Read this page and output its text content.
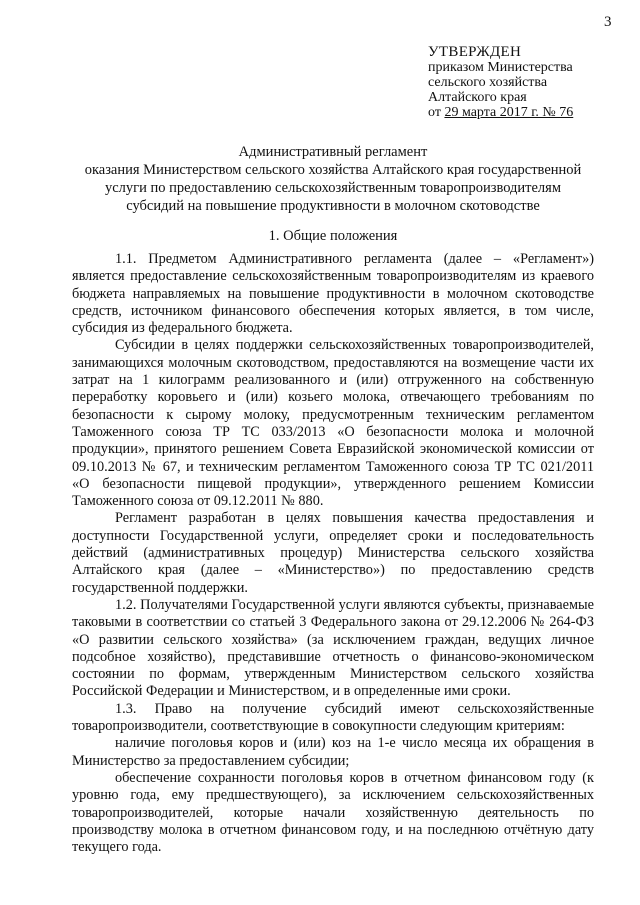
3
УТВЕРЖДЕН
приказом Министерства
сельского хозяйства
Алтайского края
от 29 марта 2017 г. № 76
Административный регламент
оказания Министерством сельского хозяйства Алтайского края государственной
услуги по предоставлению сельскохозяйственным товаропроизводителям
субсидий на повышение продуктивности в молочном скотоводстве
1. Общие положения

1.1. Предметом Административного регламента (далее – «Регламент») является предоставление сельскохозяйственным товаропроизводителям из краевого бюджета направляемых на повышение продуктивности в молочном скотоводстве средств, источником финансового обеспечения которых является, в том числе, субсидия из федерального бюджета.

Субсидии в целях поддержки сельскохозяйственных товаропроизводителей, занимающихся молочным скотоводством, предоставляются на возмещение части их затрат на 1 килограмм реализованного и (или) отгруженного на собственную переработку коровьего и (или) козьего молока, отвечающего требованиям по безопасности к сырому молоку, предусмотренным техническим регламентом Таможенного союза ТР ТС 033/2013 «О безопасности молока и молочной продукции», принятого решением Совета Евразийской экономической комиссии от 09.10.2013 № 67, и техническим регламентом Таможенного союза ТР ТС 021/2011 «О безопасности пищевой продукции», утвержденного решением Комиссии Таможенного союза от 09.12.2011 № 880.

Регламент разработан в целях повышения качества предоставления и доступности Государственной услуги, определяет сроки и последовательность действий (административных процедур) Министерства сельского хозяйства Алтайского края (далее – «Министерство») по предоставлению средств государственной поддержки.

1.2. Получателями Государственной услуги являются субъекты, признаваемые таковыми в соответствии со статьей 3 Федерального закона от 29.12.2006 № 264-ФЗ «О развитии сельского хозяйства» (за исключением граждан, ведущих личное подсобное хозяйство), представившие отчетность о финансово-экономическом состоянии по формам, утвержденным Министерством сельского хозяйства Российской Федерации и Министерством, и в определенные ими сроки.

1.3. Право на получение субсидий имеют сельскохозяйственные товаропроизводители, соответствующие в совокупности следующим критериям:

наличие поголовья коров и (или) коз на 1-е число месяца их обращения в Министерство за предоставлением субсидии;

обеспечение сохранности поголовья коров в отчетном финансовом году (к уровню года, ему предшествующего), за исключением сельскохозяйственных товаропроизводителей, которые начали хозяйственную деятельность по производству молока в отчетном финансовом году, и на последнюю отчётную дату текущего года.
